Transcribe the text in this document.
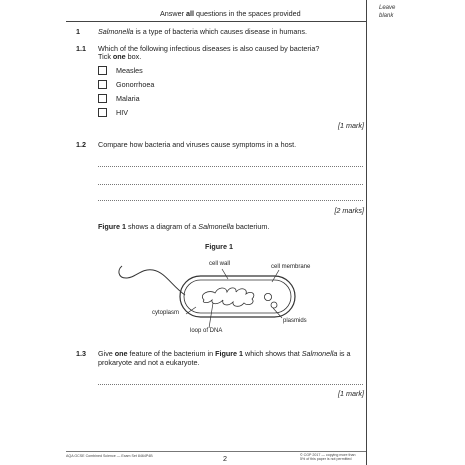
Answer all questions in the spaces provided
Leave
blank
1	Salmonella is a type of bacteria which causes disease in humans.
1.1 Which of the following infectious diseases is also caused by bacteria?
Tick one box.
Measles
Gonorrhoea
Malaria
HIV
[1 mark]
1.2 Compare how bacteria and viruses cause symptoms in a host.
[2 marks]
Figure 1 shows a diagram of a Salmonella bacterium.
Figure 1
cell wall	cell membrane
cytoplasm
plasmids
loop of DNA
1.3 Give one feature of the bacterium in Figure 1 which shows that Salmonella is a
prokaryote and not a eukaryote.
[1 mark]
AQA GCSE Combined Science — Exam Set 8464P4B	2	© CGP 2017 — copying more than
5% of this paper is not permitted
